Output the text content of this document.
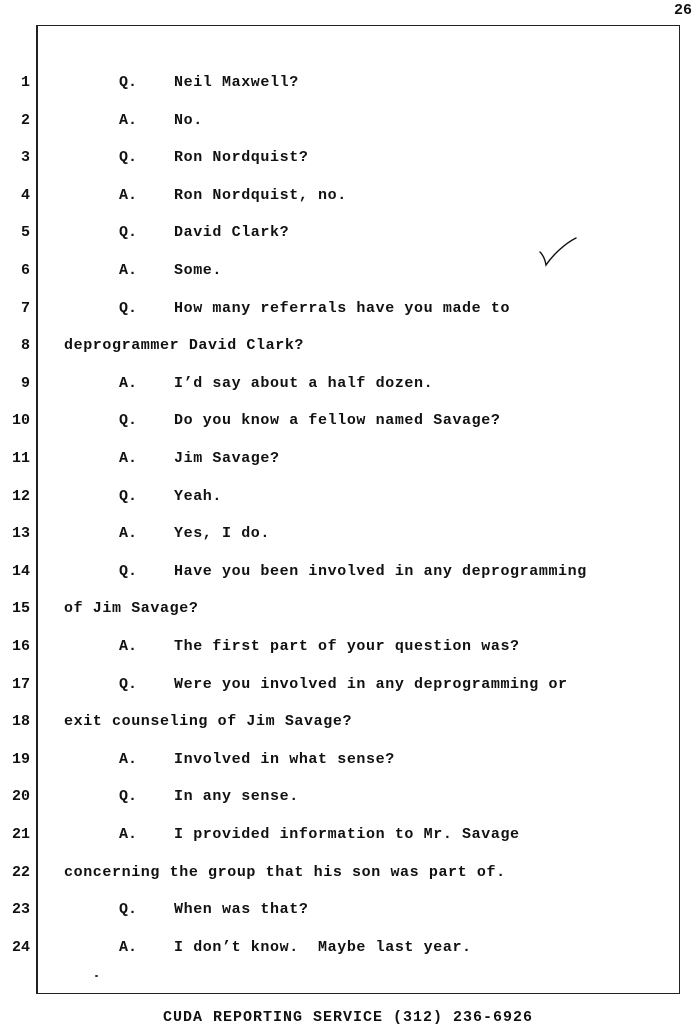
26
1	Q. Neil Maxwell?
2	A. No.
3	Q. Ron Nordquist?
4	A. Ron Nordquist, no.
5	Q. David Clark?
6	A. Some.
7	Q. How many referrals have you made to
8 deprogrammer David Clark?
9	A. I’d say about a half dozen.
10	Q. Do you know a fellow named Savage?
11	A. Jim Savage?
12	Q. Yeah.
13	A. Yes, I do.
14	Q. Have you been involved in any deprogramming
15 of Jim Savage?
16	A. The first part of your question was?
17	Q. Were you involved in any deprogramming or
18 exit counseling of Jim Savage?
19	A. Involved in what sense?
20	Q. In any sense.
21	A. I provided information to Mr. Savage
22 concerning the group that his son was part of.
23	Q. When was that?
24	A. I don’t know.  Maybe last year.
CUDA REPORTING SERVICE (312) 236-6926
